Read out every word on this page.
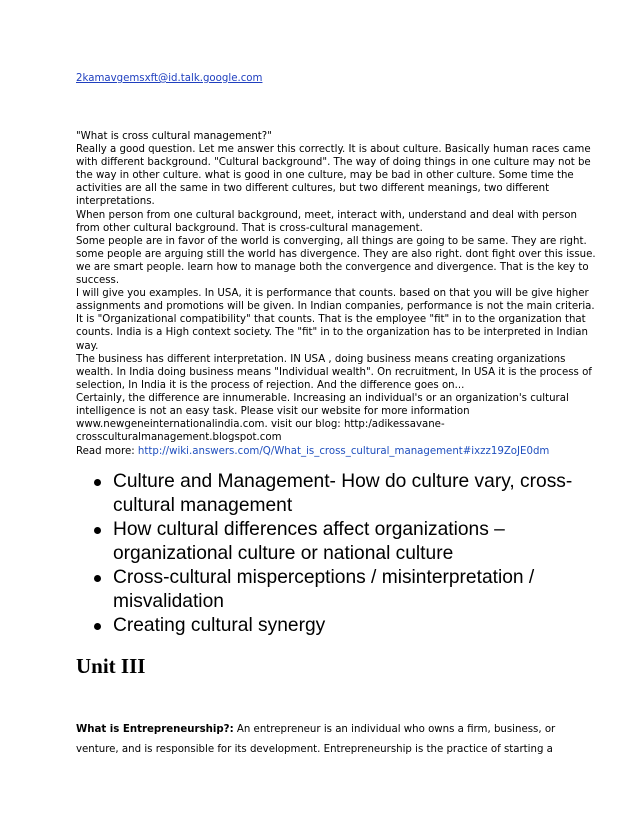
2kamavgemsxft@id.talk.google.com
"What is cross cultural management?"
Really a good question. Let me answer this correctly. It is about culture. Basically human races came
with different background. "Cultural background". The way of doing things in one culture may not be
the way in other culture. what is good in one culture, may be bad in other culture. Some time the
activities are all the same in two different cultures, but two different meanings, two different
interpretations.
When person from one cultural background, meet, interact with, understand and deal with person
from other cultural background. That is cross-cultural management.
Some people are in favor of the world is converging, all things are going to be same. They are right.
some people are arguing still the world has divergence. They are also right. dont fight over this issue.
we are smart people. learn how to manage both the convergence and divergence. That is the key to
success.
I will give you examples. In USA, it is performance that counts. based on that you will be give higher
assignments and promotions will be given. In Indian companies, performance is not the main criteria.
It is "Organizational compatibility" that counts. That is the employee "fit" in to the organization that
counts. India is a High context society. The "fit" in to the organization has to be interpreted in Indian
way.
The business has different interpretation. IN USA , doing business means creating organizations
wealth. In India doing business means "Individual wealth". On recruitment, In USA it is the process of
selection, In India it is the process of rejection. And the difference goes on...
Certainly, the difference are innumerable. Increasing an individual's or an organization's cultural
intelligence is not an easy task. Please visit our website for more information
www.newgeneinternationalindia.com. visit our blog: http:/adikessavane-
crossculturalmanagement.blogspot.com
Read more: http://wiki.answers.com/Q/What_is_cross_cultural_management#ixzz19ZoJE0dm
Culture and Management- How do culture vary, cross-
cultural management
How cultural differences affect organizations –
organizational culture or national culture
Cross-cultural misperceptions / misinterpretation /
misvalidation
Creating cultural synergy
Unit III
What is Entrepreneurship?: An entrepreneur is an individual who owns a firm, business, or
venture, and is responsible for its development. Entrepreneurship is the practice of starting a
